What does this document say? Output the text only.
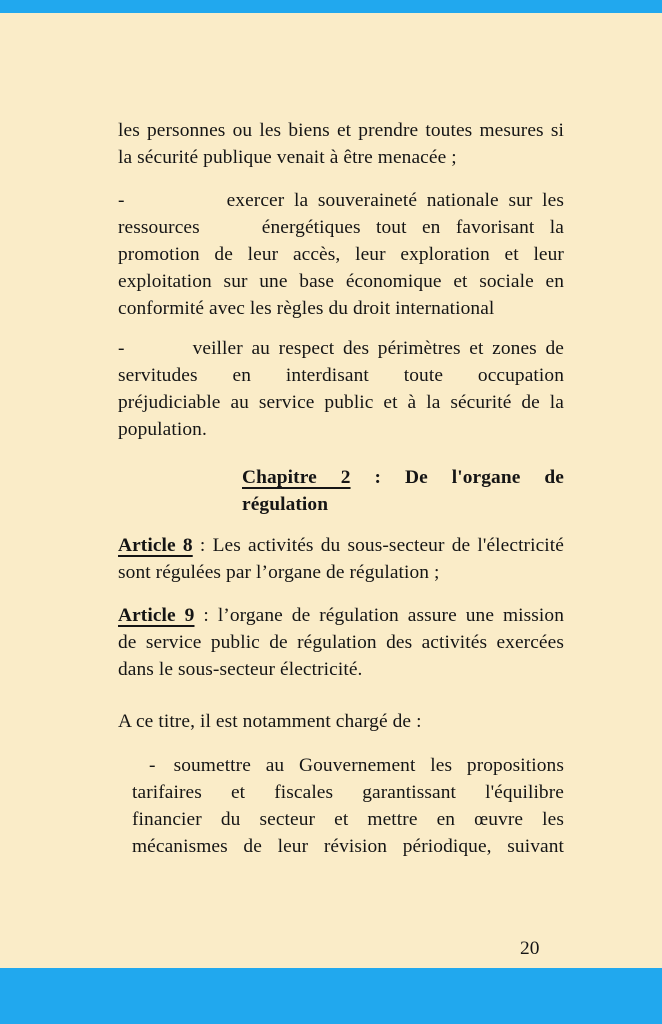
les personnes ou les biens et prendre toutes mesures si
la sécurité publique venait à être menacée ;
-	exercer la souveraineté nationale sur les
ressources	énergétiques tout en favorisant la
promotion de leur accès, leur exploration et leur
exploitation sur une base économique et sociale en
conformité avec les règles du droit international
-	veiller au respect des périmètres et zones de
servitudes en interdisant toute occupation
préjudiciable au service public et à la sécurité de la
population.
Chapitre 2 : De l'organe de
régulation
Article 8 : Les activités du sous-secteur de l'électricité
sont régulées par l’organe de régulation ;
Article 9 : l’organe de régulation assure une mission
de service public de régulation des activités exercées
dans le sous-secteur électricité.
A ce titre, il est notamment chargé de :
- soumettre au Gouvernement les propositions
tarifaires et fiscales garantissant l'équilibre
financier du secteur et mettre en œuvre les
mécanismes de leur révision périodique, suivant
20
